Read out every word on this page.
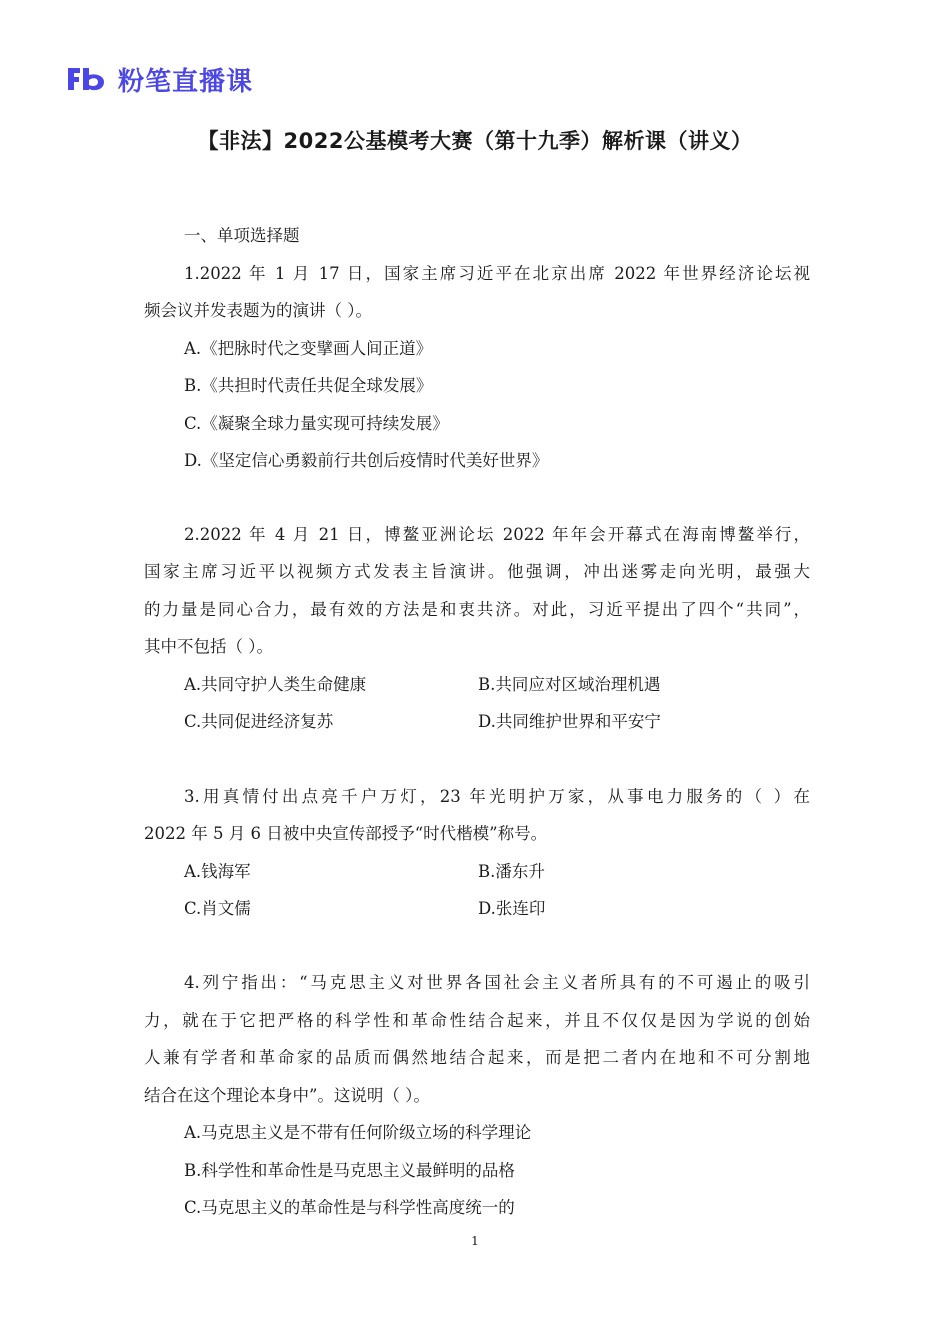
粉笔直播课
【非法】2022公基模考大赛（第十九季）解析课（讲义）
一、单项选择题
1.2022 年 1 月 17 日，国家主席习近平在北京出席 2022 年世界经济论坛视
频会议并发表题为的演讲（ ）。
A.《把脉时代之变擘画人间正道》
B.《共担时代责任共促全球发展》
C.《凝聚全球力量实现可持续发展》
D.《坚定信心勇毅前行共创后疫情时代美好世界》
2.2022 年 4 月 21 日，博鳌亚洲论坛 2022 年年会开幕式在海南博鳌举行，
国家主席习近平以视频方式发表主旨演讲。他强调，冲出迷雾走向光明，最强大
的力量是同心合力，最有效的方法是和衷共济。对此，习近平提出了四个“共同”，
其中不包括（ ）。
A.共同守护人类生命健康	B.共同应对区域治理机遇
C.共同促进经济复苏	D.共同维护世界和平安宁
3.用真情付出点亮千户万灯，23 年光明护万家，从事电力服务的（ ）在
2022 年 5 月 6 日被中央宣传部授予“时代楷模”称号。
A.钱海军	B.潘东升
C.肖文儒	D.张连印
4.列宁指出：“马克思主义对世界各国社会主义者所具有的不可遏止的吸引
力，就在于它把严格的科学性和革命性结合起来，并且不仅仅是因为学说的创始
人兼有学者和革命家的品质而偶然地结合起来，而是把二者内在地和不可分割地
结合在这个理论本身中”。这说明（ ）。
A.马克思主义是不带有任何阶级立场的科学理论
B.科学性和革命性是马克思主义最鲜明的品格
C.马克思主义的革命性是与科学性高度统一的
1
